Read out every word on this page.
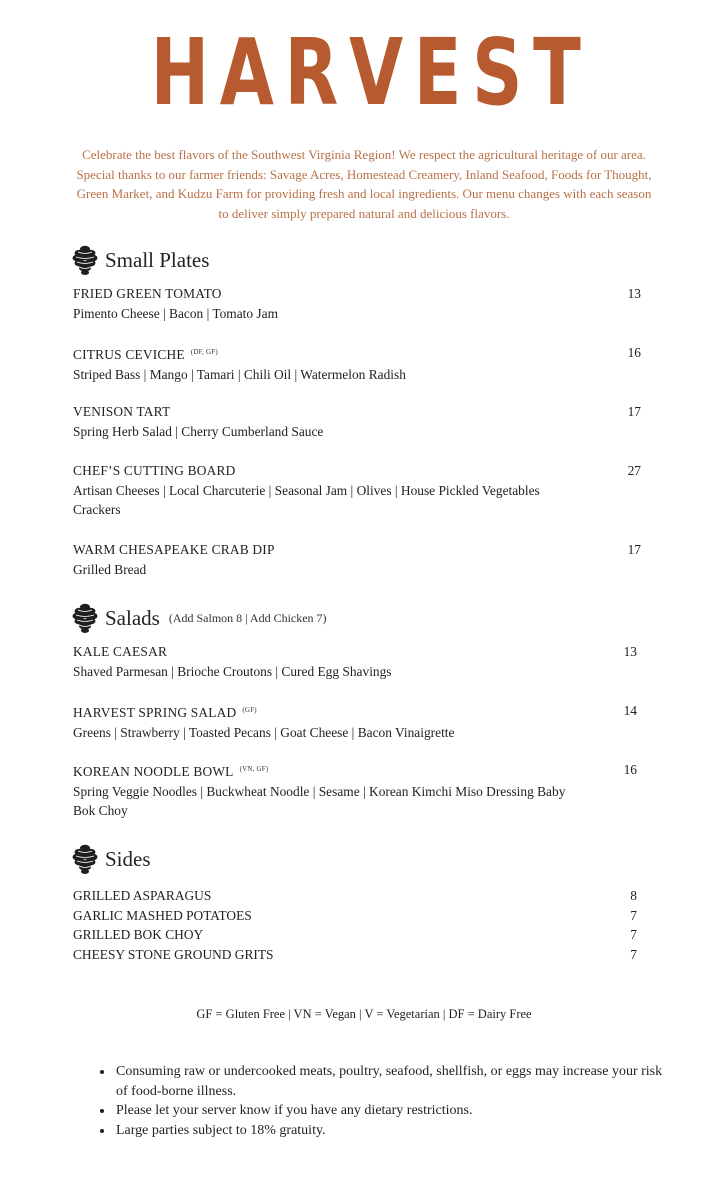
HARVEST
Celebrate the best flavors of the Southwest Virginia Region! We respect the agricultural heritage of our area. Special thanks to our farmer friends: Savage Acres, Homestead Creamery, Inland Seafood, Foods for Thought, Green Market, and Kudzu Farm for providing fresh and local ingredients. Our menu changes with each season to deliver simply prepared natural and delicious flavors.
Small Plates
FRIED GREEN TOMATO
Pimento Cheese | Bacon | Tomato Jam
13
CITRUS CEVICHE $^{(DF, GF)}$
Striped Bass | Mango | Tamari | Chili Oil | Watermelon Radish
16
VENISON TART
Spring Herb Salad | Cherry Cumberland Sauce
17
CHEF’S CUTTING BOARD
Artisan Cheeses | Local Charcuterie | Seasonal Jam | Olives | House Pickled Vegetables Crackers
27
WARM CHESAPEAKE CRAB DIP
Grilled Bread
17
Salads (Add Salmon 8 | Add Chicken 7)
KALE CAESAR
Shaved Parmesan | Brioche Croutons | Cured Egg Shavings
13
HARVEST SPRING SALAD $^{(GF)}$
Greens | Strawberry | Toasted Pecans | Goat Cheese | Bacon Vinaigrette
14
KOREAN NOODLE BOWL $^{(VN, GF)}$
Spring Veggie Noodles | Buckwheat Noodle | Sesame | Korean Kimchi Miso Dressing Baby Bok Choy
16
Sides
GRILLED ASPARAGUS	8
GARLIC MASHED POTATOES	7
GRILLED BOK CHOY	7
CHEESY STONE GROUND GRITS	7
GF = Gluten Free | VN = Vegan | V = Vegetarian | DF = Dairy Free
• Consuming raw or undercooked meats, poultry, seafood, shellfish, or eggs may increase your risk of food-borne illness.
• Please let your server know if you have any dietary restrictions.
• Large parties subject to 18% gratuity.
